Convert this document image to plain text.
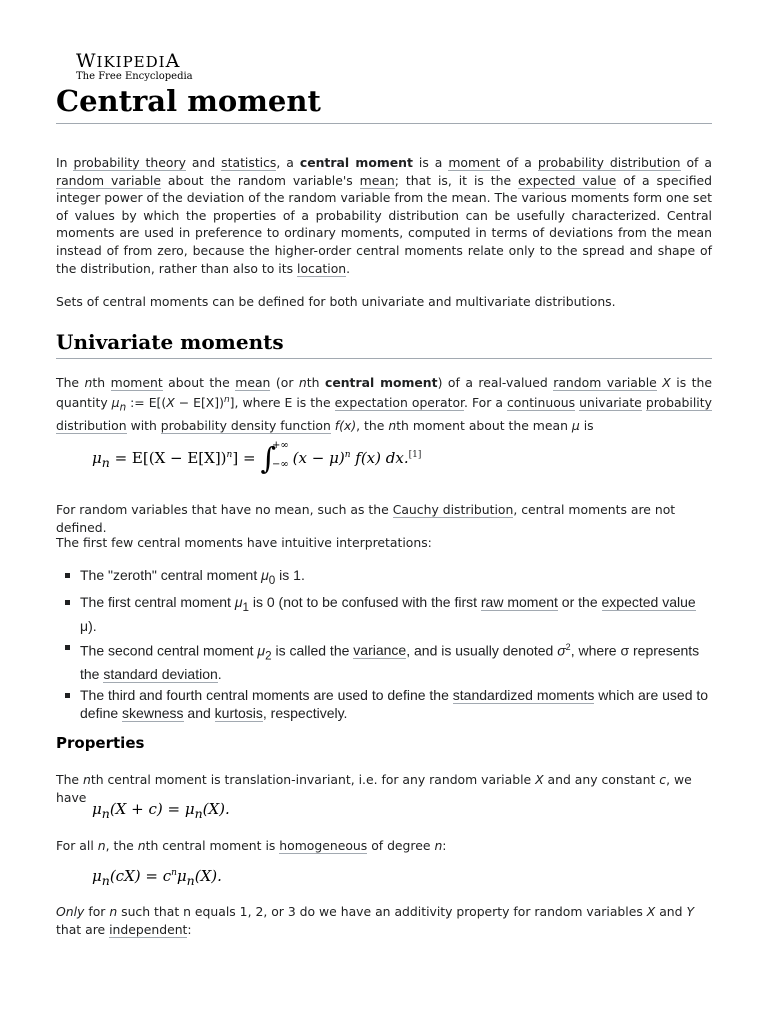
WIKIPEDIA
The Free Encyclopedia
Central moment
In probability theory and statistics, a central moment is a moment of a probability distribution of a random variable about the random variable's mean; that is, it is the expected value of a specified integer power of the deviation of the random variable from the mean. The various moments form one set of values by which the properties of a probability distribution can be usefully characterized. Central moments are used in preference to ordinary moments, computed in terms of deviations from the mean instead of from zero, because the higher-order central moments relate only to the spread and shape of the distribution, rather than also to its location.
Sets of central moments can be defined for both univariate and multivariate distributions.
Univariate moments
The nth moment about the mean (or nth central moment) of a real-valued random variable X is the quantity $\mu_n$ := $E[(X - E[X])^n]$, where E is the expectation operator. For a continuous univariate probability distribution with probability density function f(x), the nth moment about the mean μ is
$\mu_n = E[(X - E[X])^n]$ = ∫
+∞
−∞ $(x - \mu)^n$ f(x) dx.[1]
For random variables that have no mean, such as the Cauchy distribution, central moments are not defined.
The first few central moments have intuitive interpretations:
The "zeroth" central moment $\mu_0$ is 1.
The first central moment $\mu_1$ is 0 (not to be confused with the first raw moment or the expected value μ).
The second central moment $\mu_2$ is called the variance, and is usually denoted $\sigma^2$, where σ represents the standard deviation.
The third and fourth central moments are used to define the standardized moments which are used to define skewness and kurtosis, respectively.
Properties
The nth central moment is translation-invariant, i.e. for any random variable X and any constant c, we have
$\mu_n(X + c) = \mu_n(X)$.
For all n, the nth central moment is homogeneous of degree n:
$\mu_n(cX) = c^n\mu_n(X)$.
Only for n such that n equals 1, 2, or 3 do we have an additivity property for random variables X and Y that are independent:
